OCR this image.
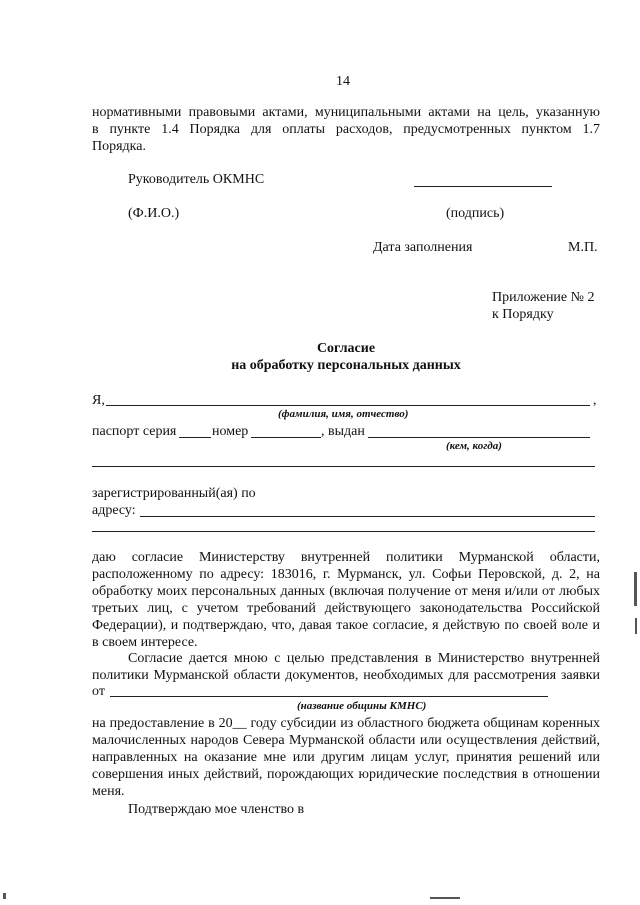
14
нормативными правовыми актами, муниципальными актами на цель, указанную
в пункте 1.4 Порядка для оплаты расходов, предусмотренных пунктом 1.7
Порядка.
Руководитель ОКМНС
(Ф.И.О.)	(подпись)
Дата заполнения	М.П.
Приложение № 2
к Порядку
Согласие
на обработку персональных данных
Я,	,
(фамилия, имя, отчество)
паспорт серия	номер	, выдан
(кем, когда)
зарегистрированный(ая) по
адресу:
даю согласие Министерству внутренней политики Мурманской области,
расположенному по адресу: 183016, г. Мурманск, ул. Софьи Перовской, д. 2, на
обработку моих персональных данных (включая получение от меня и/или от любых
третьих лиц, с учетом требований действующего законодательства Российской
Федерации), и подтверждаю, что, давая такое согласие, я действую по своей воле и
в своем интересе.
Согласие дается мною с целью представления в Министерство внутренней
политики Мурманской области документов, необходимых для рассмотрения заявки
от
(название общины КМНС)
на предоставление в 20__ году субсидии из областного бюджета общинам коренных
малочисленных народов Севера Мурманской области или осуществления действий,
направленных на оказание мне или другим лицам услуг, принятия решений или
совершения иных действий, порождающих юридические последствия в отношении
меня.
Подтверждаю мое членство в
